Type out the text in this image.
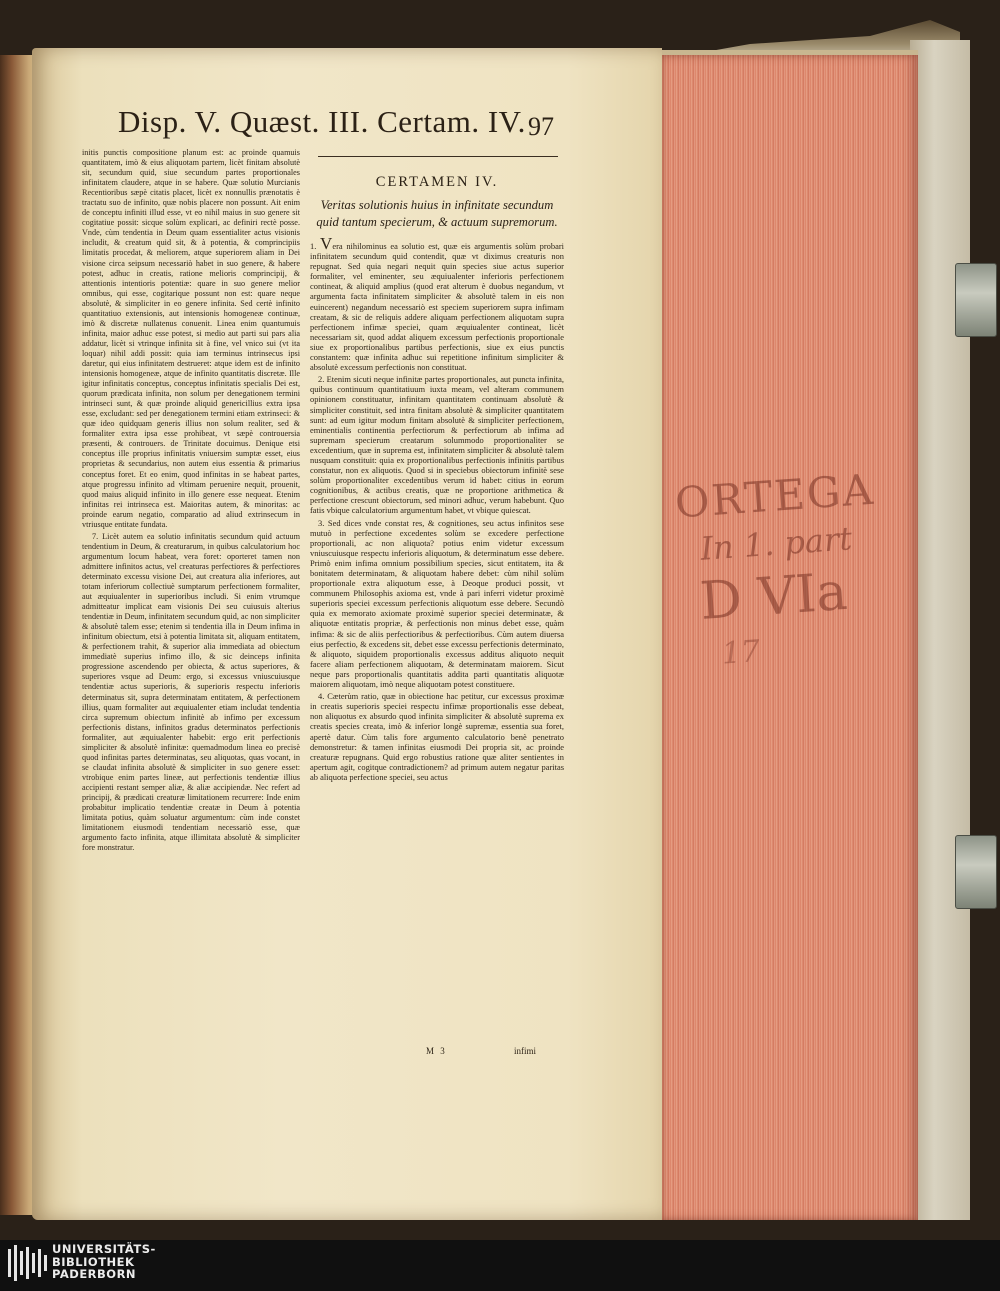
ORTEGA
In 1. part
D VIa
17
Disp. V. Quæst. III. Certam. IV. 97

initis punctis compositione planum est: ac proinde quamuis quantitatem, imò & eius aliquotam partem, licèt finitam absolutè sit, secundum quid, siue secundum partes proportionales infinitatem claudere, atque in se habere. Quæ solutio Murcianis Recentioribus sæpè citatis placet, licèt ex nonnullis prænotatis è tractatu suo de infinito, quæ nobis placere non possunt. Ait enim de conceptu infiniti illud esse, vt eo nihil maius in suo genere sit cogitatiue possit: sicque solùm explicari, ac definiri rectè posse. Vnde, cùm tendentia in Deum quam essentialiter actus visionis includit, & creatum quid sit, & à potentia, & comprincipiis limitatis procedat, & meliorem, atque superiorem aliam in Dei visione circa seipsum necessariò habet in suo genere, & habere potest, adhuc in creatis, ratione melioris comprincipij, & attentionis intentioris potentiæ: quare in suo genere melior omnibus, qui esse, cogitarique possunt non est: quare neque absolutè, & simpliciter in eo genere infinita. Sed certè infinito quantitatiuo extensionis, aut intensionis homogeneæ continuæ, imò & discretæ nullatenus conuenit. Linea enim quantumuis infinita, maior adhuc esse potest, si medio aut parti sui pars alia addatur, licèt si vtrinque infinita sit à fine, vel vnico sui (vt ita loquar) nihil addi possit: quia iam terminus intrinsecus ipsi daretur, qui eius infinitatem destrueret: atque idem est de infinito intensionis homogeneæ, atque de infinito quantitatis discretæ. Ille igitur infinitatis conceptus, conceptus infinitatis specialis Dei est, quorum prædicata infinita, non solum per denegationem termini intrinseci sunt, & quæ proinde aliquid genericillius extra ipsa esse, excludant: sed per denegationem termini etiam extrinseci: & quæ ideo quidquam generis illius non solum realiter, sed & formaliter extra ipsa esse prohibeat, vt sæpè controuersia præsenti, & controuers. de Trinitate docuimus. Denique etsi conceptus ille proprius infinitatis vniuersim sumptæ esset, eius proprietas & secundarius, non autem eius essentia & primarius conceptus foret. Et eo enim, quod infinitas in se habeat partes, atque progressu infinito ad vltimam peruenire nequit, prouenit, quod maius aliquid infinito in illo genere esse nequeat. Etenim infinitas rei intrinseca est. Maioritas autem, & minoritas: ac proinde earum negatio, comparatio ad aliud extrinsecum in vtriusque entitate fundata.

7. Licèt autem ea solutio infinitatis secundum quid actuum tendentium in Deum, & creaturarum, in quibus calculatorium hoc argumentum locum habeat, vera foret: oporteret tamen non admittere infinitos actus, vel creaturas perfectiores & perfectiores determinato excessu visione Dei, aut creatura alia inferiores, aut totam inferiorum collectiuè sumptarum perfectionem formaliter, aut æquiualenter in superioribus includi. Si enim vtrumque admitteatur implicat eam visionis Dei seu cuiusuis alterius tendentiæ in Deum, infinitatem secundum quid, ac non simpliciter & absolutè talem esse; etenim si tendentia illa in Deum infima in infinitum obiectum, etsi à potentia limitata sit, aliquam entitatem, & perfectionem trahit, & superior alia immediata ad obiectum immediatè superius infimo illo, & sic deinceps infinita progressione ascendendo per obiecta, & actus superiores, & superiores vsque ad Deum: ergo, si excessus vniuscuiusque tendentiæ actus superioris, & superioris respectu inferioris determinatus sit, supra determinatam entitatem, & perfectionem illius, quam formaliter aut æquiualenter etiam includat tendentia circa supremum obiectum infinitè ab infimo per excessum perfectionis distans, infinitos gradus determinatos perfectionis formaliter, aut æquiualenter habebit: ergo erit perfectionis simpliciter & absolutè infinitæ: quemadmodum linea eo precisè quod infinitas partes determinatas, seu aliquotas, quas vocant, in se claudat infinita absolutè & simpliciter in suo genere esset: vtrobique enim partes lineæ, aut perfectionis tendentiæ illius accipienti restant semper aliæ, & aliæ accipiendæ. Nec refert ad principij, & prædicati creaturæ limitationem recurrere: Inde enim probabitur implicatio tendentiæ creatæ in Deum à potentia limitata potius, quàm soluatur argumentum: cùm inde constet limitationem eiusmodi tendentiam necessariò esse, quæ argumento facto infinita, atque illimitata absolutè & simpliciter fore monstratur.

CERTAMEN IV.
Veritas solutionis huius in infinitate secundum quid tantum specierum, & actuum supremorum.

1. Vera nihilominus ea solutio est, quæ eis argumentis solùm probari infinitatem secundum quid contendit, quæ vt diximus creaturis non repugnat. Sed quia negari nequit quin species siue actus superior formaliter, vel eminenter, seu æquiualenter inferioris perfectionem contineat, & aliquid amplius (quod erat alterum è duobus negandum, vt argumenta facta infinitatem simpliciter & absolutè talem in eis non euincerent) negandum necessariò est speciem superiorem supra infimam creatam, & sic de reliquis addere aliquam perfectionem aliquotam supra perfectionem infimæ speciei, quam æquiualenter contineat, licèt necessariam sit, quod addat aliquem excessum perfectionis proportionale siue ex proportionalibus partibus perfectionis, siue ex eius punctis constantem: quæ infinita adhuc sui repetitione infinitum simpliciter & absolutè excessum perfectionis non constituat.

2. Etenim sicuti neque infinitæ partes proportionales, aut puncta infinita, quibus continuum quantitatiuum iuxta meam, vel alteram communem opinionem constituatur, infinitam quantitatem continuam absolutè & simpliciter constituit, sed intra finitam absolutè & simpliciter quantitatem sunt: ad eum igitur modum finitam absolutè & simpliciter perfectionem, eminentialis continentia perfectiorum & perfectiorum ab infima ad supremam specierum creatarum solummodo proportionaliter se excedentium, quæ in suprema est, infinitatem simpliciter & absolutè talem nusquam constituit: quia ex proportionalibus perfectionis infinitis partibus constatur, non ex aliquotis. Quod si in speciebus obiectorum infinitè sese solùm proportionaliter excedentibus verum id habet: citius in eorum cognitionibus, & actibus creatis, quæ ne proportione arithmetica & perfectione crescunt obiectorum, sed minori adhuc, verum habebunt. Quo fatis vbique calculatorium argumentum habet, vt vbique quiescat.

3. Sed dices vnde constat res, & cognitiones, seu actus infinitos sese mutuò in perfectione excedentes solùm se excedere perfectione proportionali, ac non aliquota? potius enim videtur excessum vniuscuiusque respectu inferioris aliquotum, & determinatum esse debere. Primò enim infima omnium possibilium species, sicut entitatem, ita & bonitatem determinatam, & aliquotam habere debet: cùm nihil solùm proportionale extra aliquotum esse, à Deoque produci possit, vt communem Philosophis axioma est, vnde à pari inferri videtur proximè superioris speciei excessum perfectionis aliquotum esse debere. Secundò quia ex memorato axiomate proximè superior speciei determinatæ, & aliquotæ entitatis propriæ, & perfectionis non minus debet esse, quàm infima: & sic de aliis perfectioribus & perfectioribus. Cùm autem diuersa eius perfectio, & excedens sit, debet esse excessu perfectionis determinato, & aliquoto, siquidem proportionalis excessus additus aliquoto nequit facere aliam perfectionem aliquotam, & determinatam maiorem. Sicut neque pars proportionalis quantitatis addita parti quantitatis aliquotæ maiorem aliquotam, imò neque aliquotam potest constituere.

4. Cæterùm ratio, quæ in obiectione hac petitur, cur excessus proximæ in creatis superioris speciei respectu infimæ proportionalis esse debeat, non aliquotus ex absurdo quod infinita simpliciter & absolutè suprema ex creatis species creata, imò & inferior longè supremæ, essentia sua foret, apertè datur. Cùm talis fore argumento calculatorio benè penetrato demonstretur: & tamen infinitas eiusmodi Dei propria sit, ac proinde creaturæ repugnans. Quid ergo robustius ratione quæ aliter sentientes in apertum agit, cogitque contradictionem? ad primum autem negatur paritas ab aliquota perfectione speciei, seu actus

M 3	infimi
UNIVERSITÄTS-
BIBLIOTHEK
PADERBORN
